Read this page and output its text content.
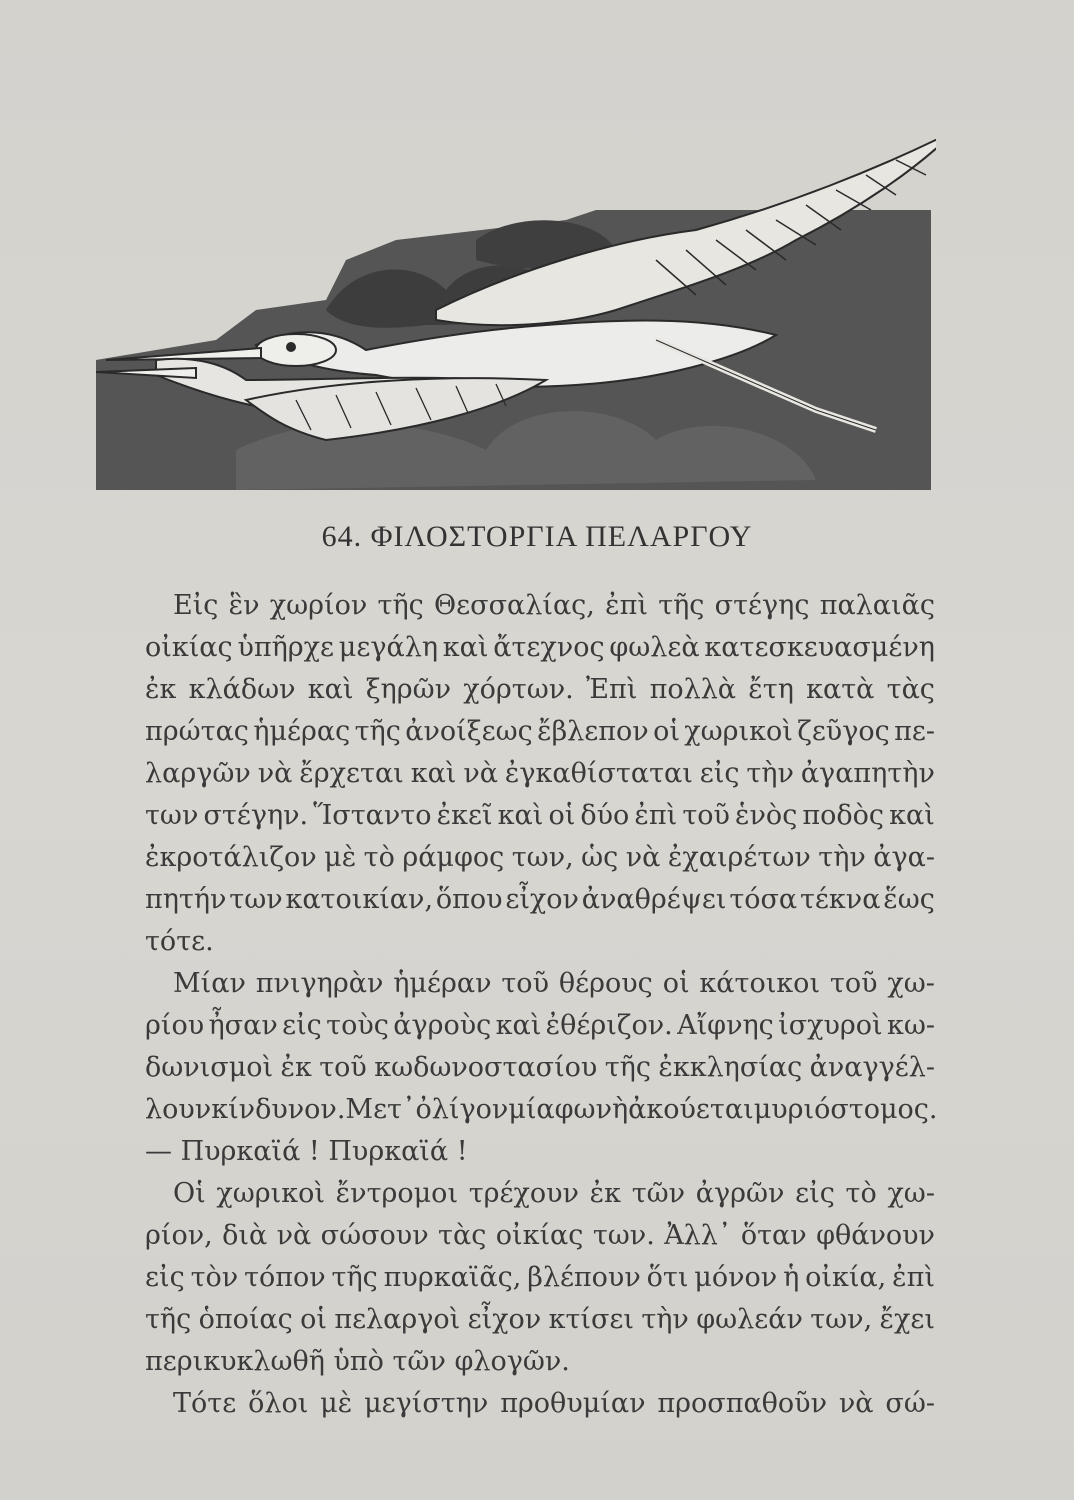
64. ΦΙΛΟΣΤΟΡΓΙΑ ΠΕΛΑΡΓΟΥ
Εἰς ἓν χωρίον τῆς Θεσσαλίας, ἐπὶ τῆς στέγης παλαιᾶς
οἰκίας ὑπῆρχε μεγάλη καὶ ἄτεχνος φωλεὰ κατεσκευασμένη
ἐκ κλάδων καὶ ξηρῶν χόρτων. Ἐπὶ πολλὰ ἔτη κατὰ τὰς
πρώτας ἡμέρας τῆς ἀνοίξεως ἔβλεπον οἱ χωρικοὶ ζεῦγος πε-
λαργῶν νὰ ἔρχεται καὶ νὰ ἐγκαθίσταται εἰς τὴν ἀγαπητὴν
των στέγην. Ἵσταντο ἐκεῖ καὶ οἱ δύο ἐπὶ τοῦ ἑνὸς ποδὸς καὶ
ἐκροτάλιζον μὲ τὸ ράμφος των, ὡς νὰ ἐχαιρέτων τὴν ἀγα-
πητήν των κατοικίαν, ὅπου εἶχον ἀναθρέψει τόσα τέκνα ἕως
τότε.
Μίαν πνιγηρὰν ἡμέραν τοῦ θέρους οἱ κάτοικοι τοῦ χω-
ρίου ἦσαν εἰς τοὺς ἀγροὺς καὶ ἐθέριζον. Αἴφνης ἰσχυροὶ κω-
δωνισμοὶ ἐκ τοῦ κωδωνοστασίου τῆς ἐκκλησίας ἀναγγέλ-
λουν κίνδυνον. Μετ᾽ ὀλίγον μία φωνὴ ἀκούεται μυριόστομος.
— Πυρκαϊά ! Πυρκαϊά !
Οἱ χωρικοὶ ἔντρομοι τρέχουν ἐκ τῶν ἀγρῶν εἰς τὸ χω-
ρίον, διὰ νὰ σώσουν τὰς οἰκίας των. Ἀλλ᾽ ὅταν φθάνουν
εἰς τὸν τόπον τῆς πυρκαϊᾶς, βλέπουν ὅτι μόνον ἡ οἰκία, ἐπὶ
τῆς ὁποίας οἱ πελαργοὶ εἶχον κτίσει τὴν φωλεάν των, ἔχει
περικυκλωθῆ ὑπὸ τῶν φλογῶν.
Τότε ὅλοι μὲ μεγίστην προθυμίαν προσπαθοῦν νὰ σώ-
